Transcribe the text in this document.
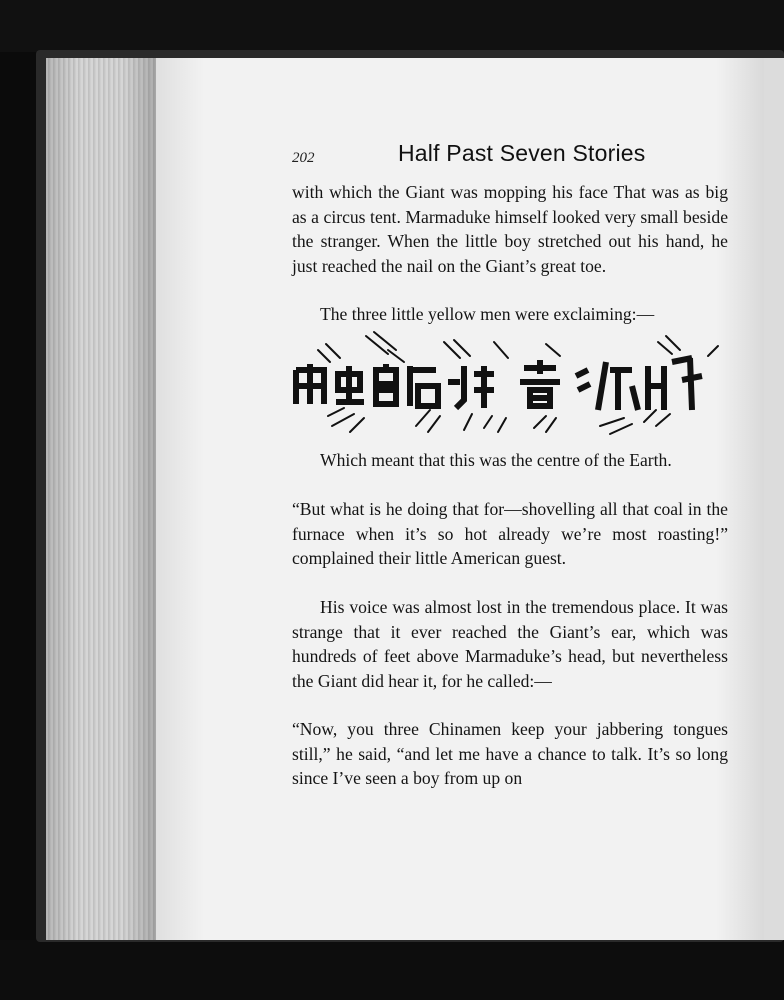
202	Half Past Seven Stories

with which the Giant was mopping his face That was as big as a circus tent. Marmaduke himself looked very small beside the stranger. When the little boy stretched out his hand, he just reached the nail on the Giant’s great toe.

The three little yellow men were exclaiming:—

Which meant that this was the centre of the Earth.

“But what is he doing that for—shovelling all that coal in the furnace when it’s so hot already we’re most roasting!” complained their little American guest.

His voice was almost lost in the tremendous place. It was strange that it ever reached the Giant’s ear, which was hundreds of feet above Marmaduke’s head, but nevertheless the Giant did hear it, for he called:—

“Now, you three Chinamen keep your jabbering tongues still,” he said, “and let me have a chance to talk. It’s so long since I’ve seen a boy from up on
